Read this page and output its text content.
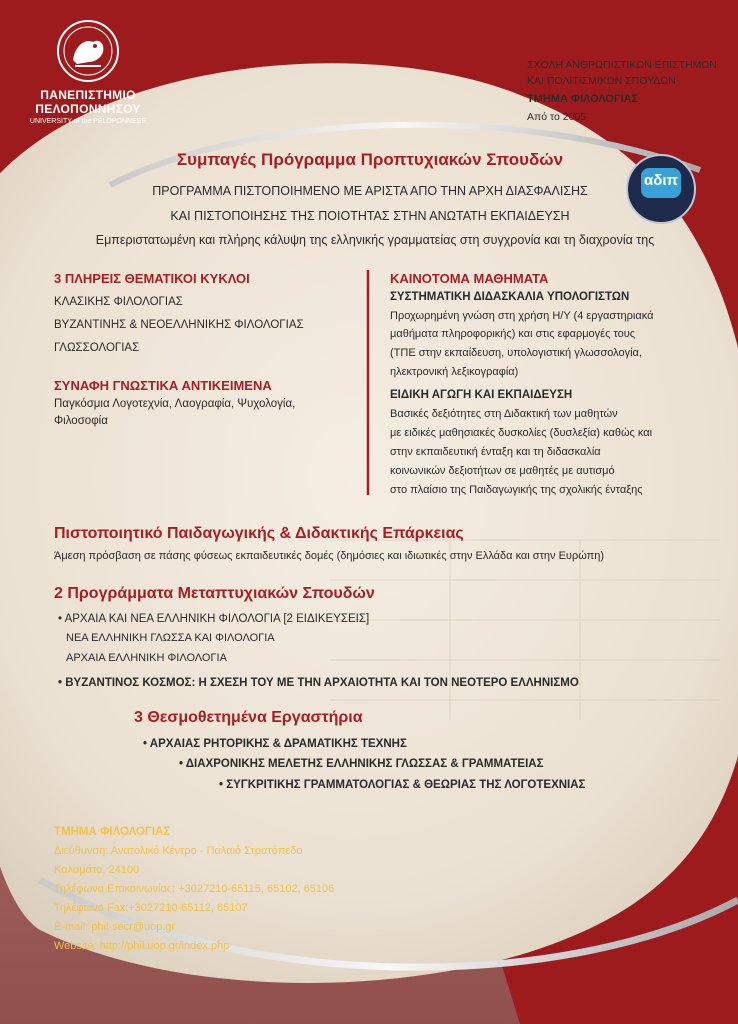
ΠΑΝΕΠΙΣΤΗΜΙΟ
ΠΕΛΟΠΟΝΝΗΣΟΥ
UNIVERSITY of the PELOPONNESE
ΣΧΟΛΗ ΑΝΘΡΩΠΙΣΤΙΚΩΝ ΕΠΙΣΤΗΜΩΝ
ΚΑΙ ΠΟΛΙΤΙΣΜΙΚΩΝ ΣΠΟΥΔΩΝ
ΤΜΗΜΑ ΦΙΛΟΛΟΓΙΑΣ
Από το 2005
αδιπ
Συμπαγές Πρόγραμμα Προπτυχιακών Σπουδών
ΠΡΟΓΡΑΜΜΑ ΠΙΣΤΟΠΟΙΗΜΕΝΟ ΜΕ ΑΡΙΣΤΑ ΑΠΟ ΤΗΝ ΑΡΧΗ ΔΙΑΣΦΑΛΙΣΗΣ
ΚΑΙ ΠΙΣΤΟΠΟΙΗΣΗΣ ΤΗΣ ΠΟΙΟΤΗΤΑΣ ΣΤΗΝ ΑΝΩΤΑΤΗ ΕΚΠΑΙΔΕΥΣΗ
Εμπεριστατωμένη και πλήρης κάλυψη της ελληνικής γραμματείας στη συγχρονία και τη διαχρονία της
3 ΠΛΗΡΕΙΣ ΘΕΜΑΤΙΚΟΙ ΚΥΚΛΟΙ
ΚΛΑΣΙΚΗΣ ΦΙΛΟΛΟΓΙΑΣ
ΒΥΖΑΝΤΙΝΗΣ & ΝΕΟΕΛΛΗΝΙΚΗΣ ΦΙΛΟΛΟΓΙΑΣ
ΓΛΩΣΣΟΛΟΓΙΑΣ
ΣΥΝΑΦΗ ΓΝΩΣΤΙΚΑ ΑΝΤΙΚΕΙΜΕΝΑ
Παγκόσμια Λογοτεχνία, Λαογραφία, Ψυχολογία,
Φιλοσοφία
ΚΑΙΝΟΤΟΜΑ ΜΑΘΗΜΑΤΑ
ΣΥΣΤΗΜΑΤΙΚΗ ΔΙΔΑΣΚΑΛΙΑ ΥΠΟΛΟΓΙΣΤΩΝ
Προχωρημένη γνώση στη χρήση Η/Υ (4 εργαστηριακά
μαθήματα πληροφορικής) και στις εφαρμογές τους
(ΤΠΕ στην εκπαίδευση, υπολογιστική γλωσσολογία,
ηλεκτρονική λεξικογραφία)
ΕΙΔΙΚΗ ΑΓΩΓΗ ΚΑΙ ΕΚΠΑΙΔΕΥΣΗ
Βασικές δεξιότητες στη Διδακτική των μαθητών
με ειδικές μαθησιακές δυσκολίες (δυσλεξία) καθώς και
στην εκπαιδευτική ένταξη και τη διδασκαλία
κοινωνικών δεξιοτήτων σε μαθητές με αυτισμό
στο πλαίσιο της Παιδαγωγικής της σχολικής ένταξης
Πιστοποιητικό Παιδαγωγικής & Διδακτικής Επάρκειας
Άμεση πρόσβαση σε πάσης φύσεως εκπαιδευτικές δομές (δημόσιες και ιδιωτικές στην Ελλάδα και στην Ευρώπη)
2 Προγράμματα Μεταπτυχιακών Σπουδών
• ΑΡΧΑΙΑ ΚΑΙ ΝΕΑ ΕΛΛΗΝΙΚΗ ΦΙΛΟΛΟΓΙΑ [2 ΕΙΔΙΚΕΥΣΕΙΣ]
ΝΕΑ ΕΛΛΗΝΙΚΗ ΓΛΩΣΣΑ ΚΑΙ ΦΙΛΟΛΟΓΙΑ
ΑΡΧΑΙΑ ΕΛΛΗΝΙΚΗ ΦΙΛΟΛΟΓΙΑ
• ΒΥΖΑΝΤΙΝΟΣ ΚΟΣΜΟΣ: Η ΣΧΕΣΗ ΤΟΥ ΜΕ ΤΗΝ ΑΡΧΑΙΟΤΗΤΑ ΚΑΙ ΤΟΝ ΝΕΟΤΕΡΟ ΕΛΛΗΝΙΣΜΟ
3 Θεσμοθετημένα Εργαστήρια
• ΑΡΧΑΙΑΣ ΡΗΤΟΡΙΚΗΣ & ΔΡΑΜΑΤΙΚΗΣ ΤΕΧΝΗΣ
• ΔΙΑΧΡΟΝΙΚΗΣ ΜΕΛΕΤΗΣ ΕΛΛΗΝΙΚΗΣ ΓΛΩΣΣΑΣ & ΓΡΑΜΜΑΤΕΙΑΣ
• ΣΥΓΚΡΙΤΙΚΗΣ ΓΡΑΜΜΑΤΟΛΟΓΙΑΣ & ΘΕΩΡΙΑΣ ΤΗΣ ΛΟΓΟΤΕΧΝΙΑΣ
ΤΜΗΜΑ ΦΙΛΟΛΟΓΙΑΣ
Διεύθυνση: Ανατολικό Κέντρο - Παλαιό Στρατόπεδο
Καλαμάτα, 24100
Τηλέφωνα Επικοινωνίας: +3027210-65115, 65102, 65106
Τηλέφωνο Fax:+3027210-65112, 65107
E-mail: phil-secr@uop.gr
Website: http://phil.uop.gr/index.php
